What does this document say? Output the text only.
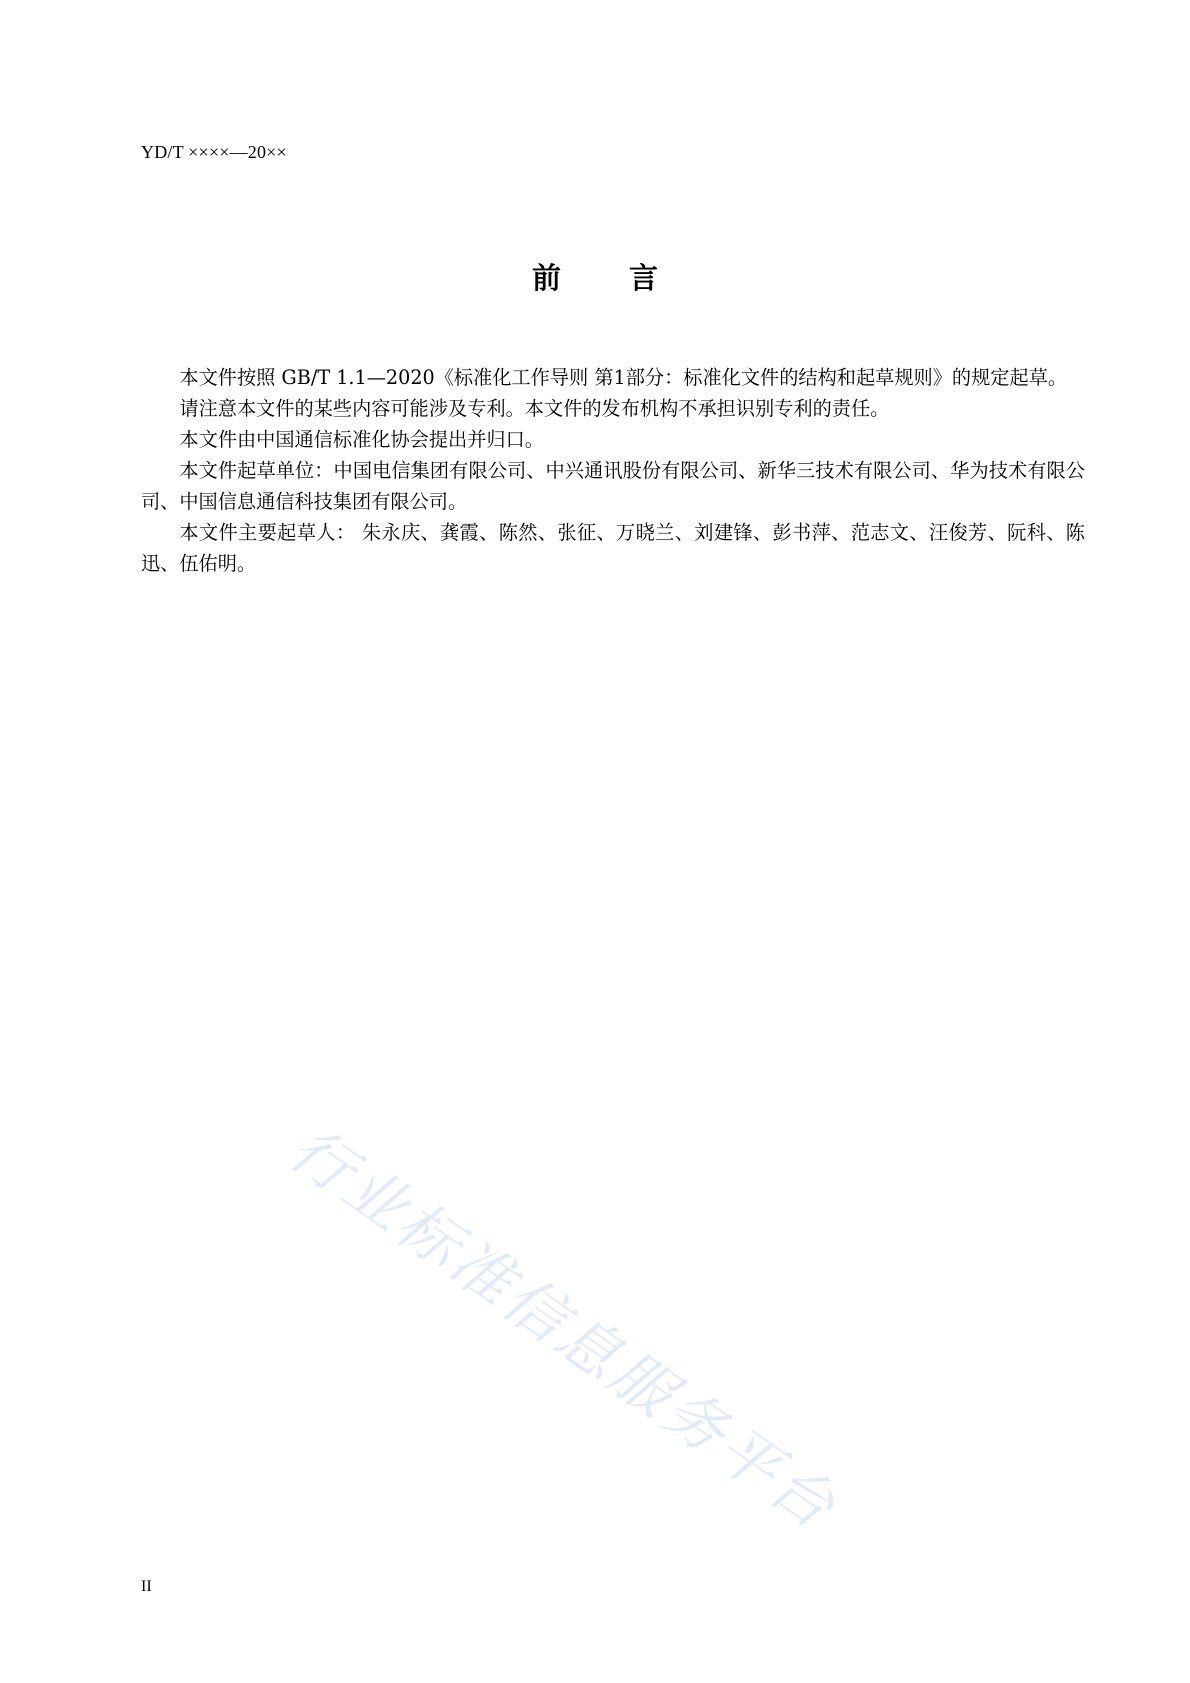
YD/T ××××—20××
前 言

本文件按照 GB/T 1.1—2020《标准化工作导则 第1部分：标准化文件的结构和起草规则》的规定起草。

请注意本文件的某些内容可能涉及专利。本文件的发布机构不承担识别专利的责任。

本文件由中国通信标准化协会提出并归口。

本文件起草单位：中国电信集团有限公司、中兴通讯股份有限公司、新华三技术有限公司、华为技术有限公司、中国信息通信科技集团有限公司。

本文件主要起草人： 朱永庆、龚霞、陈然、张征、万晓兰、刘建锋、彭书萍、范志文、汪俊芳、阮科、陈迅、伍佑明。

行业标准信息服务平台
II
